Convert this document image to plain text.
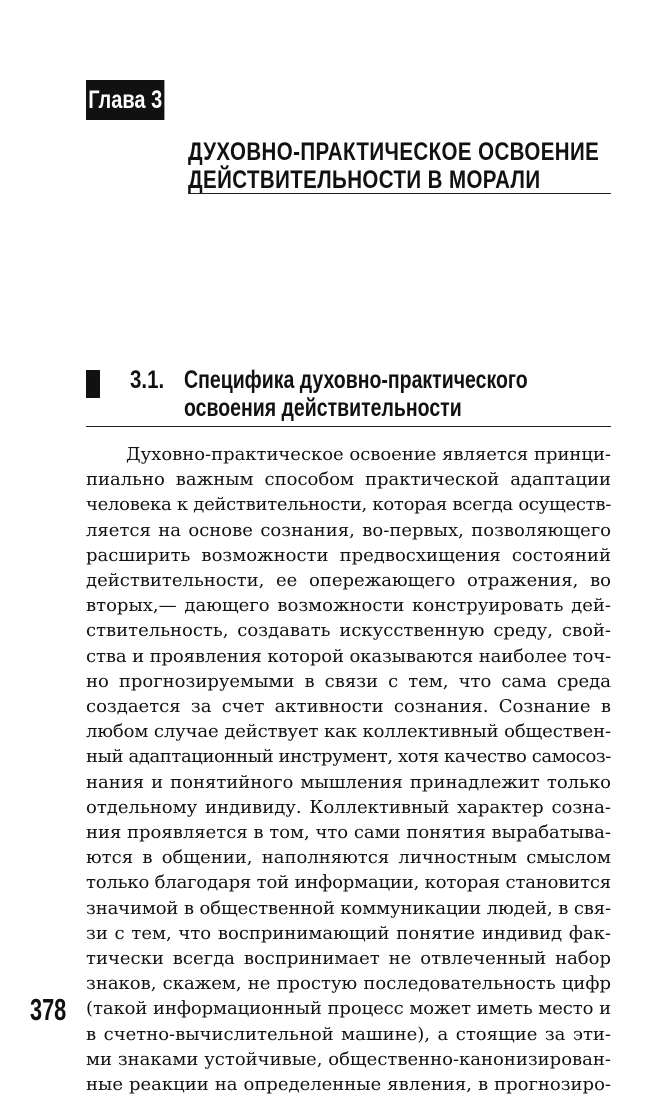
Глава 3
ДУХОВНО-ПРАКТИЧЕСКОЕ ОСВОЕНИЕ
ДЕЙСТВИТЕЛЬНОСТИ В МОРАЛИ
3.1. Специфика духовно-практического
освоения действительности
Духовно-практическое освоение является принци-
пиально важным способом практической адаптации
человека к действительности, которая всегда осуществ-
ляется на основе сознания, во-первых, позволяющего
расширить возможности предвосхищения состояний
действительности, ее опережающего отражения, во
вторых,— дающего возможности конструировать дей-
ствительность, создавать искусственную среду, свой-
ства и проявления которой оказываются наиболее точ-
но прогнозируемыми в связи с тем, что сама среда
создается за счет активности сознания. Сознание в
любом случае действует как коллективный обществен-
ный адаптационный инструмент, хотя качество самосоз-
нания и понятийного мышления принадлежит только
отдельному индивиду. Коллективный характер созна-
ния проявляется в том, что сами понятия вырабатыва-
ются в общении, наполняются личностным смыслом
только благодаря той информации, которая становится
значимой в общественной коммуникации людей, в свя-
зи с тем, что воспринимающий понятие индивид фак-
тически всегда воспринимает не отвлеченный набор
знаков, скажем, не простую последовательность цифр
(такой информационный процесс может иметь место и
в счетно-вычислительной машине), а стоящие за эти-
ми знаками устойчивые, общественно-канонизирован-
ные реакции на определенные явления, в прогнозиро-
378
